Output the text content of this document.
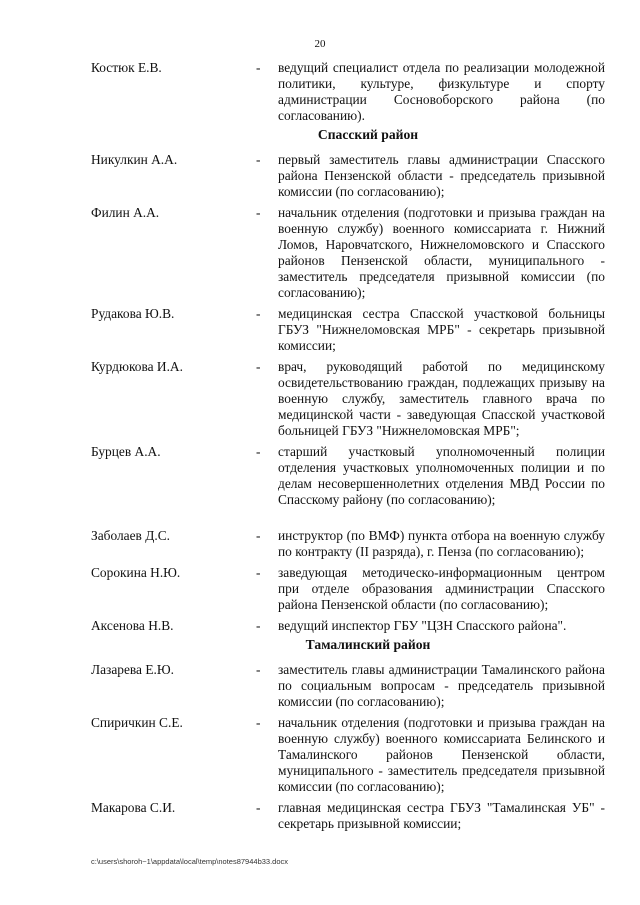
20
Костюк Е.В.	-	ведущий специалист отдела по реализации молодежной политики, культуре, физкультуре и спорту администрации Сосновоборского района (по согласованию).
Спасский район
Никулкин А.А.	-	первый заместитель главы администрации Спасского района Пензенской области - председатель призывной комиссии (по согласованию);
Филин А.А.	-	начальник отделения (подготовки и призыва граждан на военную службу) военного комиссариата г. Нижний Ломов, Наровчатского, Нижнеломовского и Спасского районов Пензенской области, муниципального - заместитель председателя призывной комиссии (по согласованию);
Рудакова Ю.В.	-	медицинская сестра Спасской участковой больницы ГБУЗ "Нижнеломовская МРБ" - секретарь призывной комиссии;
Курдюкова И.А.	-	врач, руководящий работой по медицинскому освидетельствованию граждан, подлежащих призыву на военную службу, заместитель главного врача по медицинской части - заведующая Спасской участковой больницей ГБУЗ "Нижнеломовская МРБ";
Бурцев А.А.	-	старший участковый уполномоченный полиции отделения участковых уполномоченных полиции и по делам несовершеннолетних отделения МВД России по Спасскому району (по согласованию);
Заболаев Д.С.	-	инструктор (по ВМФ) пункта отбора на военную службу по контракту (II разряда), г. Пенза (по согласованию);
Сорокина Н.Ю.	-	заведующая методическо-информационным центром при отделе образования администрации Спасского района Пензенской области (по согласованию);
Аксенова Н.В.	-	ведущий инспектор ГБУ "ЦЗН Спасского района".
Тамалинский район
Лазарева Е.Ю.	-	заместитель главы администрации Тамалинского района по социальным вопросам - председатель призывной комиссии (по согласованию);
Спиричкин С.Е.	-	начальник отделения (подготовки и призыва граждан на военную службу) военного комиссариата Белинского и Тамалинского районов Пензенской области, муниципального - заместитель председателя призывной комиссии (по согласованию);
Макарова С.И.	-	главная медицинская сестра ГБУЗ "Тамалинская УБ" - секретарь призывной комиссии;
c:\users\shoroh~1\appdata\local\temp\notes87944b33.docx
